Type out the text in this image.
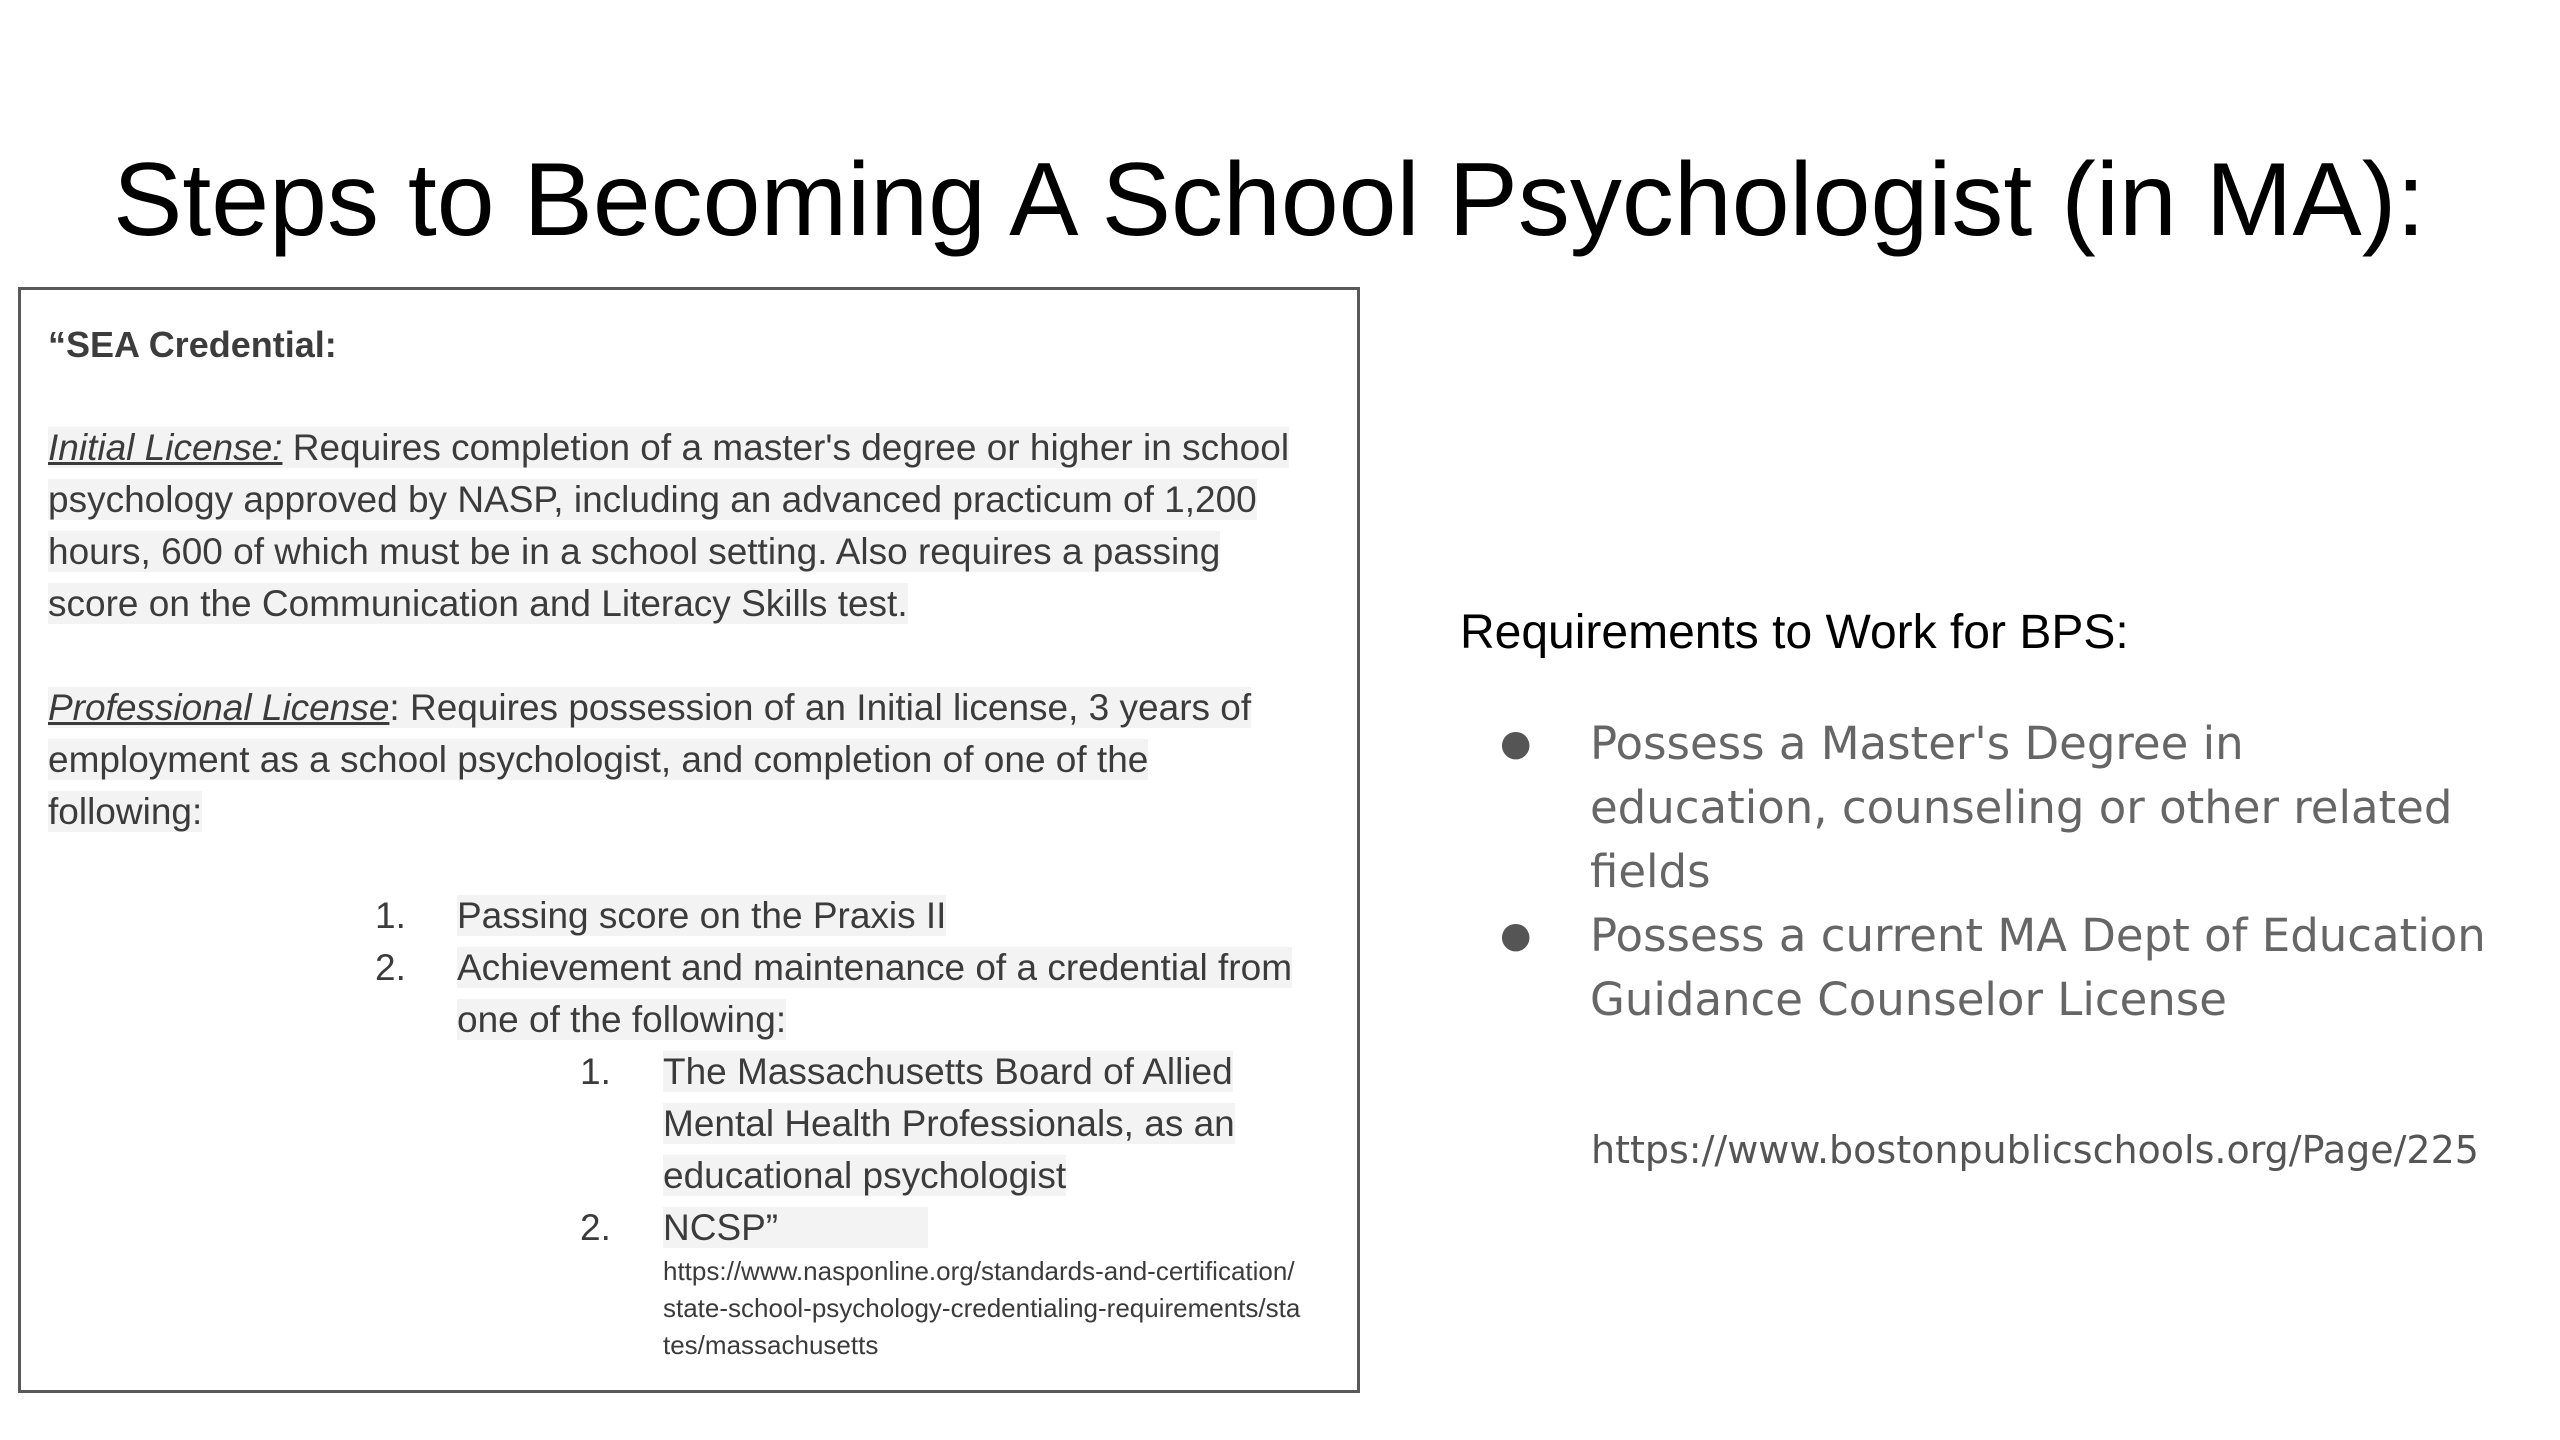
Steps to Becoming A School Psychologist (in MA):
“SEA Credential:
Initial License: Requires completion of a master's degree or higher in school
psychology approved by NASP, including an advanced practicum of 1,200
hours, 600 of which must be in a school setting. Also requires a passing
score on the Communication and Literacy Skills test.
Professional License: Requires possession of an Initial license, 3 years of
employment as a school psychologist, and completion of one of the
following:
1. Passing score on the Praxis II
2. Achievement and maintenance of a credential from
one of the following:
1. The Massachusetts Board of Allied
Mental Health Professionals, as an
educational psychologist
2. NCSP”
https://www.nasponline.org/standards-and-certification/state-school-psychology-credentialing-requirements/states/massachusetts
Requirements to Work for BPS:
● Possess a Master's Degree in education, counseling or other related fields
● Possess a current MA Dept of Education Guidance Counselor License
https://www.bostonpublicschools.org/Page/225
